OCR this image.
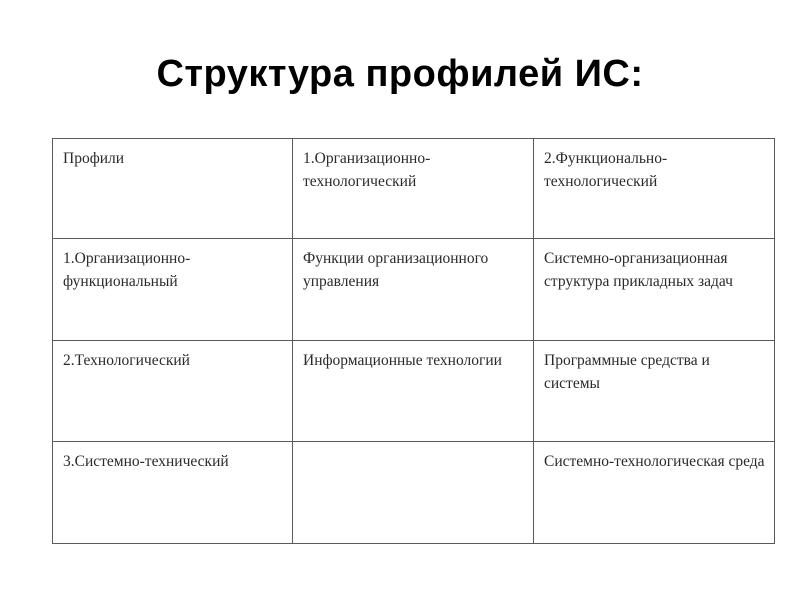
Структура профилей ИС:
Профили	1.Организационно-технологический	2.Функционально-технологический
1.Организационно-функциональный	Функции организационного управления	Системно-организационная структура прикладных задач
2.Технологический	Информационные технологии	Программные средства и системы
3.Системно-технический		Системно-технологическая среда
